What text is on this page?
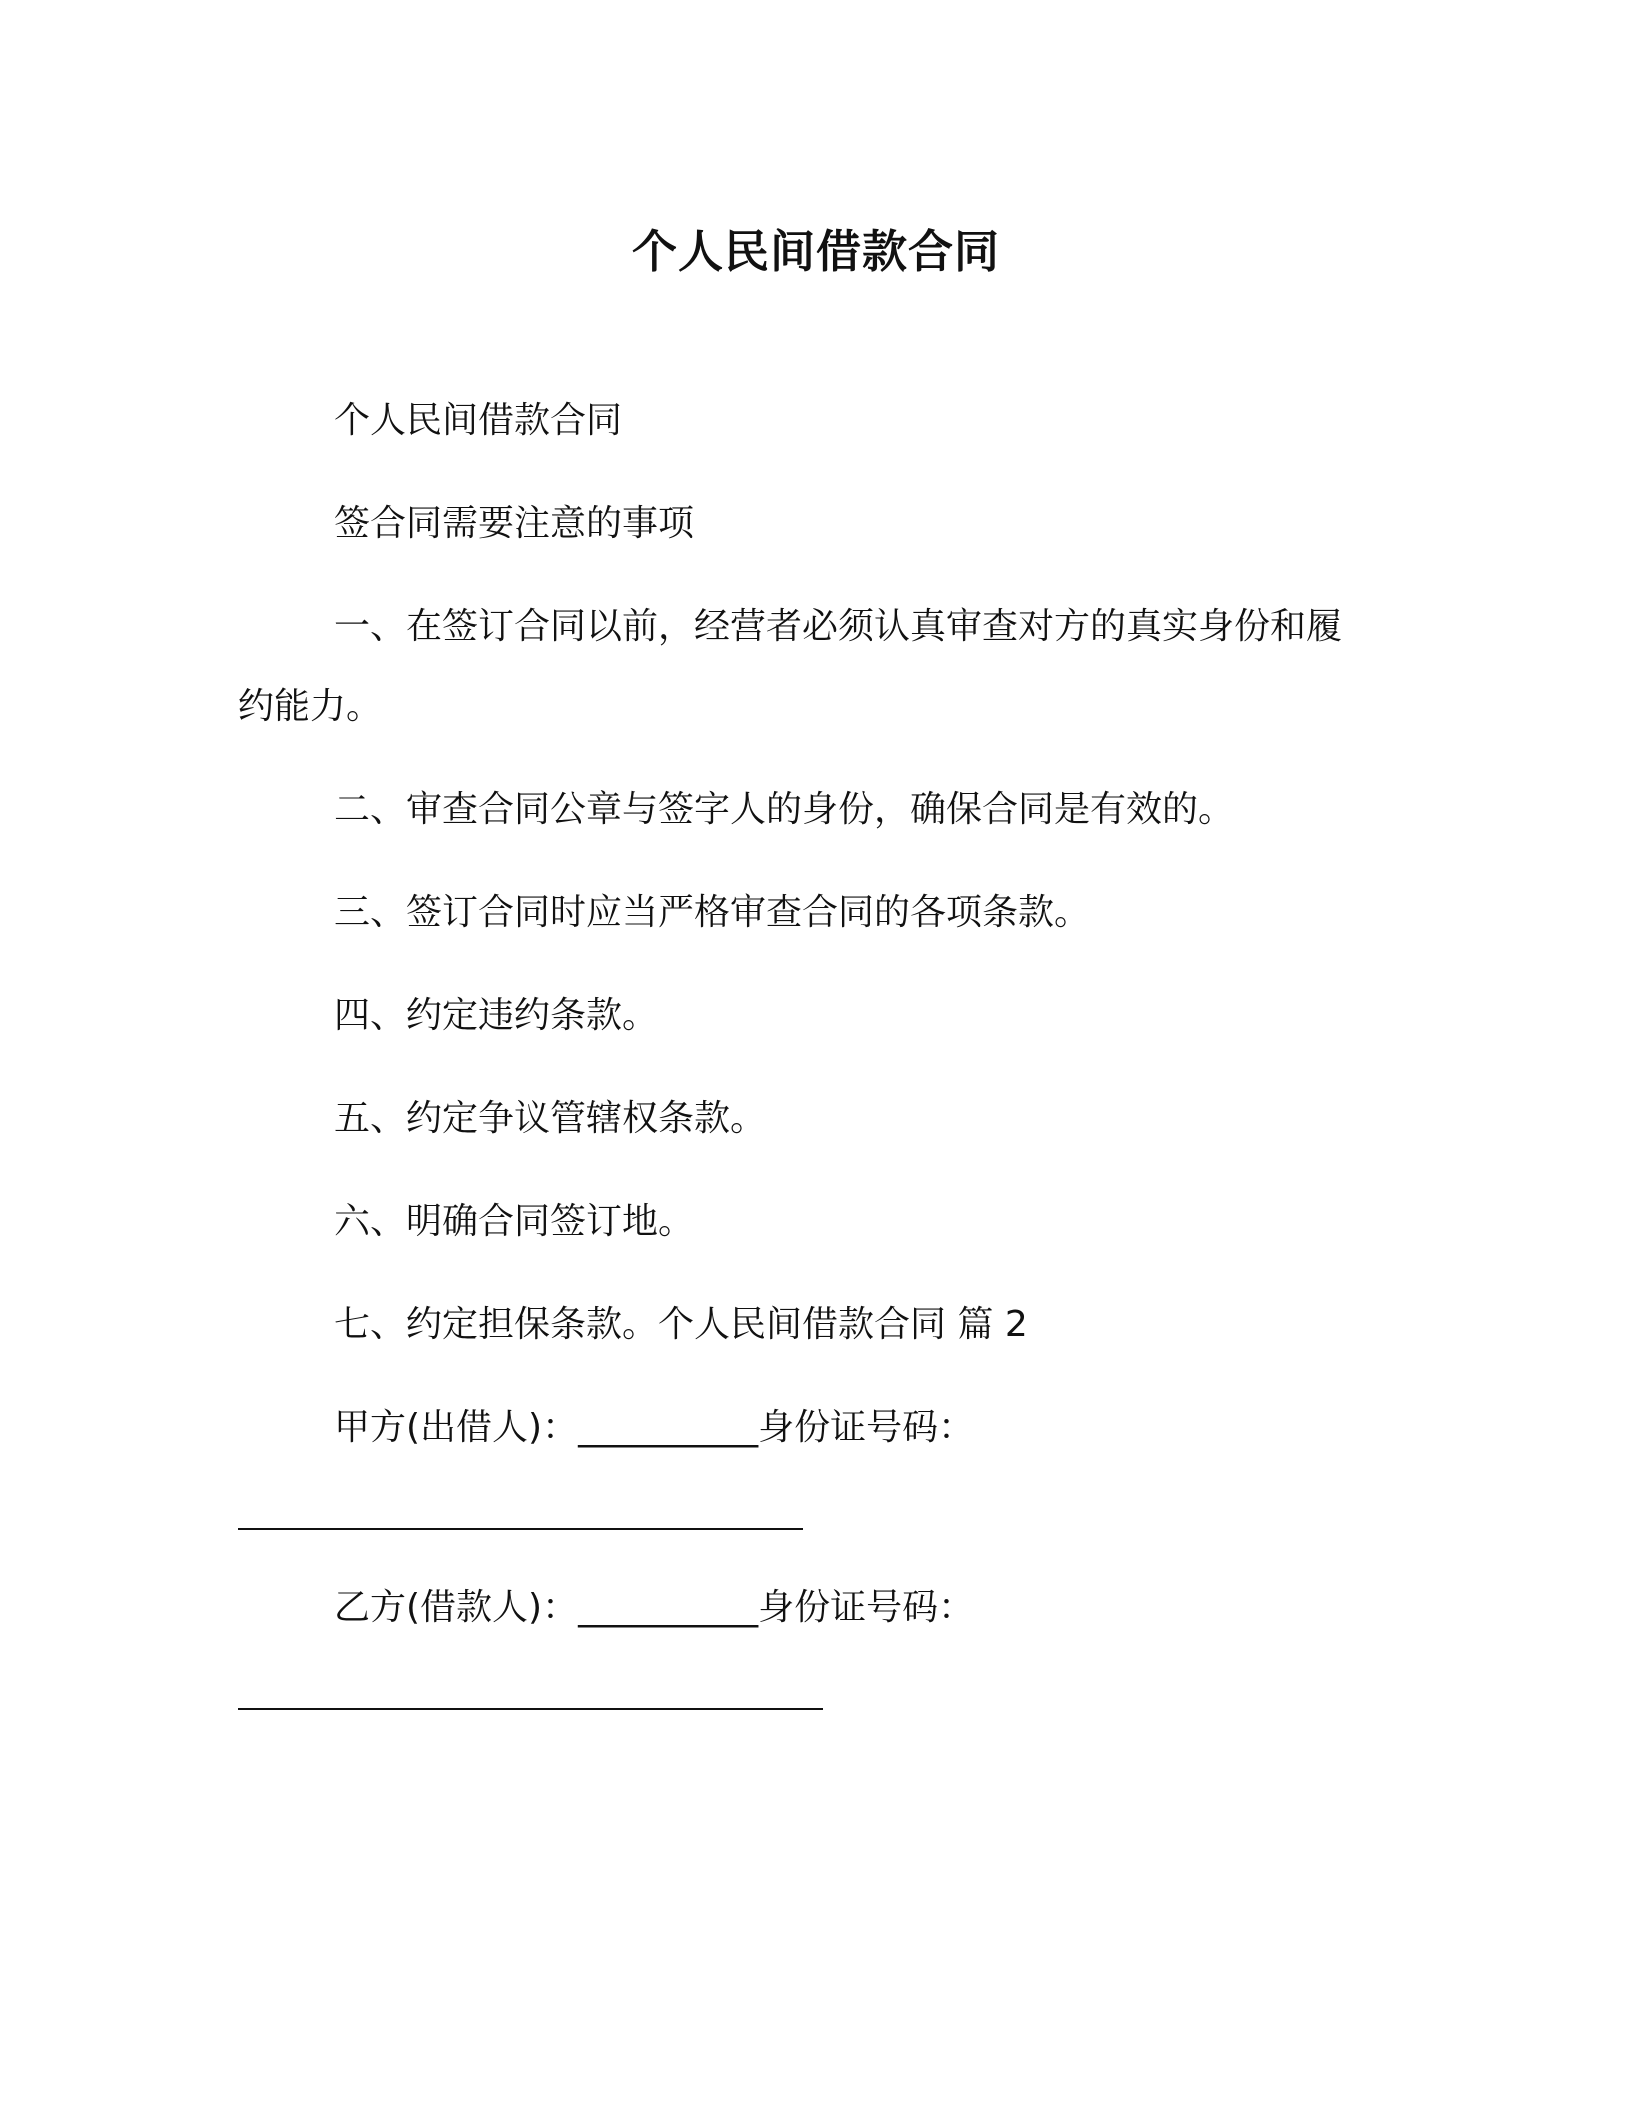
个人民间借款合同
个人民间借款合同
签合同需要注意的事项
一、在签订合同以前，经营者必须认真审查对方的真实身份和履
约能力。
二、审查合同公章与签字人的身份，确保合同是有效的。
三、签订合同时应当严格审查合同的各项条款。
四、约定违约条款。
五、约定争议管辖权条款。
六、明确合同签订地。
七、约定担保条款。个人民间借款合同 篇 2
甲方(出借人)：__________身份证号码：
乙方(借款人)：__________身份证号码：
